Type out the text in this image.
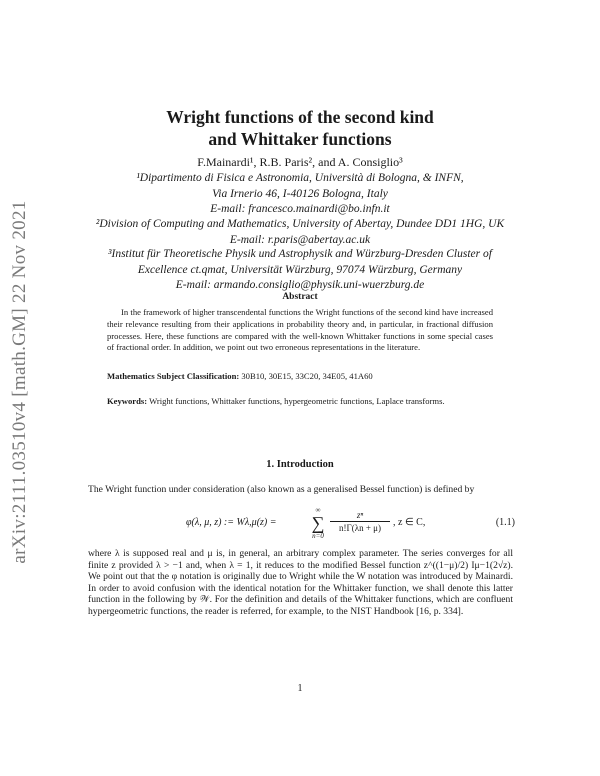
arXiv:2111.03510v4 [math.GM] 22 Nov 2021
Wright functions of the second kind
and Whittaker functions
F.Mainardi¹, R.B. Paris², and A. Consiglio³
¹Dipartimento di Fisica e Astronomia, Università di Bologna, & INFN,
Via Irnerio 46, I-40126 Bologna, Italy
E-mail: francesco.mainardi@bo.infn.it
²Division of Computing and Mathematics, University of Abertay, Dundee DD1 1HG, UK
E-mail: r.paris@abertay.ac.uk
³Institut für Theoretische Physik und Astrophysik and Würzburg-Dresden Cluster of
Excellence ct.qmat, Universität Würzburg, 97074 Würzburg, Germany
E-mail: armando.consiglio@physik.uni-wuerzburg.de
Abstract
In the framework of higher transcendental functions the Wright functions of the second kind have increased their relevance resulting from their applications in probability theory and, in particular, in fractional diffusion processes. Here, these functions are compared with the well-known Whittaker functions in some special cases of fractional order. In addition, we point out two erroneous representations in the literature.
Mathematics Subject Classification: 30B10, 30E15, 33C20, 34E05, 41A60
Keywords: Wright functions, Whittaker functions, hypergeometric functions, Laplace transforms.
1. Introduction
The Wright function under consideration (also known as a generalised Bessel function) is defined by
φ(λ, μ, z) := Wλ,μ(z) =
∞
∑
n=0
$\frac{\text{zⁿ}}{n!\Gamma(\lambda n + \mu)}$ , z ∈ C,	(1.1)
where λ is supposed real and μ is, in general, an arbitrary complex parameter. The series converges for all finite z provided λ > −1 and, when λ = 1, it reduces to the modified Bessel function z^((1−μ)/2) Iμ−1(2√z). We point out that the φ notation is originally due to Wright while the W notation was introduced by Mainardi. In order to avoid confusion with the identical notation for the Whittaker function, we shall denote this latter function in the following by 𝒲. For the definition and details of the Whittaker functions, which are confluent hypergeometric functions, the reader is referred, for example, to the NIST Handbook [16, p. 334].
1
